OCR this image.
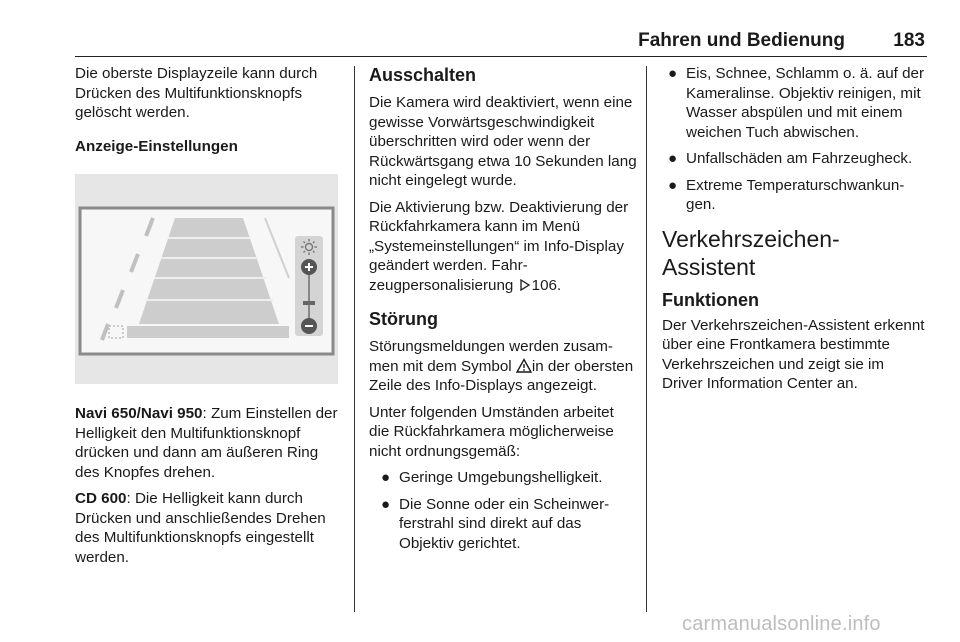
Fahren und Bedienung	183

Die oberste Displayzeile kann durch Drücken des Multifunktionsknopfs gelöscht werden.

Anzeige-Einstellungen

Navi 650/Navi 950: Zum Einstellen der Helligkeit den Multifunktionsknopf drücken und dann am äußeren Ring des Knopfes drehen.

CD 600: Die Helligkeit kann durch Drücken und anschließendes Drehen des Multifunktionsknopfs eingestellt werden.

Ausschalten

Die Kamera wird deaktiviert, wenn eine gewisse Vorwärtsgeschwindigkeit überschritten wird oder wenn der Rückwärtsgang etwa 10 Sekunden lang nicht eingelegt wurde.

Die Aktivierung bzw. Deaktivierung der Rückfahrkamera kann im Menü „Systemeinstellungen“ im Info-Display geändert werden. Fahrzeugpersonalisierung 106.

Störung

Störungsmeldungen werden zusammen mit dem Symbol in der obersten Zeile des Info-Displays angezeigt.

Unter folgenden Umständen arbeitet die Rückfahrkamera möglicherweise nicht ordnungsgemäß:

● Geringe Umgebungshelligkeit.
● Die Sonne oder ein Scheinwerferstrahl sind direkt auf das Objektiv gerichtet.
● Eis, Schnee, Schlamm o. ä. auf der Kameralinse. Objektiv reinigen, mit Wasser abspülen und mit einem weichen Tuch abwischen.
● Unfallschäden am Fahrzeugheck.
● Extreme Temperaturschwankungen.
Verkehrszeichen-Assistent
Funktionen

Der Verkehrszeichen-Assistent erkennt über eine Frontkamera bestimmte Verkehrszeichen und zeigt sie im Driver Information Center an.

carmanualsonline.info
